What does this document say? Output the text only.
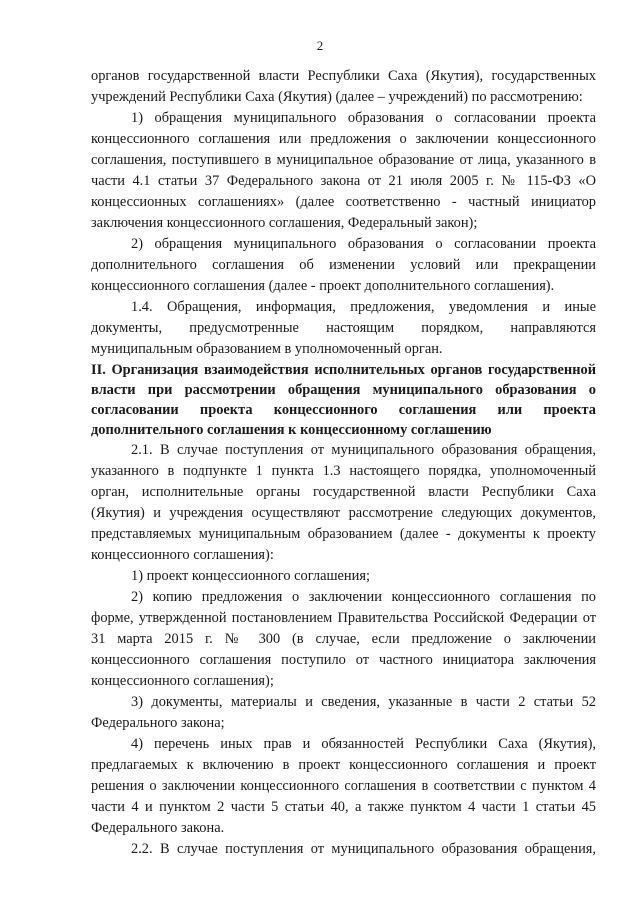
2

органов государственной власти Республики Саха (Якутия), государственных учреждений Республики Саха (Якутия) (далее – учреждений) по рассмотрению:

1) обращения муниципального образования о согласовании проекта концессионного соглашения или предложения о заключении концессионного соглашения, поступившего в муниципальное образование от лица, указанного в части 4.1 статьи 37 Федерального закона от 21 июля 2005 г. № 115-ФЗ «О концессионных соглашениях» (далее соответственно - частный инициатор заключения концессионного соглашения, Федеральный закон);

2) обращения муниципального образования о согласовании проекта дополнительного соглашения об изменении условий или прекращении концессионного соглашения (далее - проект дополнительного соглашения).

1.4. Обращения, информация, предложения, уведомления и иные документы, предусмотренные настоящим порядком, направляются муниципальным образованием в уполномоченный орган.

II. Организация взаимодействия исполнительных органов государственной власти при рассмотрении обращения муниципального образования о согласовании проекта концессионного соглашения или проекта дополнительного соглашения к концессионному соглашению

2.1. В случае поступления от муниципального образования обращения, указанного в подпункте 1 пункта 1.3 настоящего порядка, уполномоченный орган, исполнительные органы государственной власти Республики Саха (Якутия) и учреждения осуществляют рассмотрение следующих документов, представляемых муниципальным образованием (далее - документы к проекту концессионного соглашения):

1) проект концессионного соглашения;

2) копию предложения о заключении концессионного соглашения по форме, утвержденной постановлением Правительства Российской Федерации от 31 марта 2015 г. № 300 (в случае, если предложение о заключении концессионного соглашения поступило от частного инициатора заключения концессионного соглашения);

3) документы, материалы и сведения, указанные в части 2 статьи 52 Федерального закона;

4) перечень иных прав и обязанностей Республики Саха (Якутия), предлагаемых к включению в проект концессионного соглашения и проект решения о заключении концессионного соглашения в соответствии с пунктом 4 части 4 и пунктом 2 части 5 статьи 40, а также пунктом 4 части 1 статьи 45 Федерального закона.

2.2. В случае поступления от муниципального образования обращения,
